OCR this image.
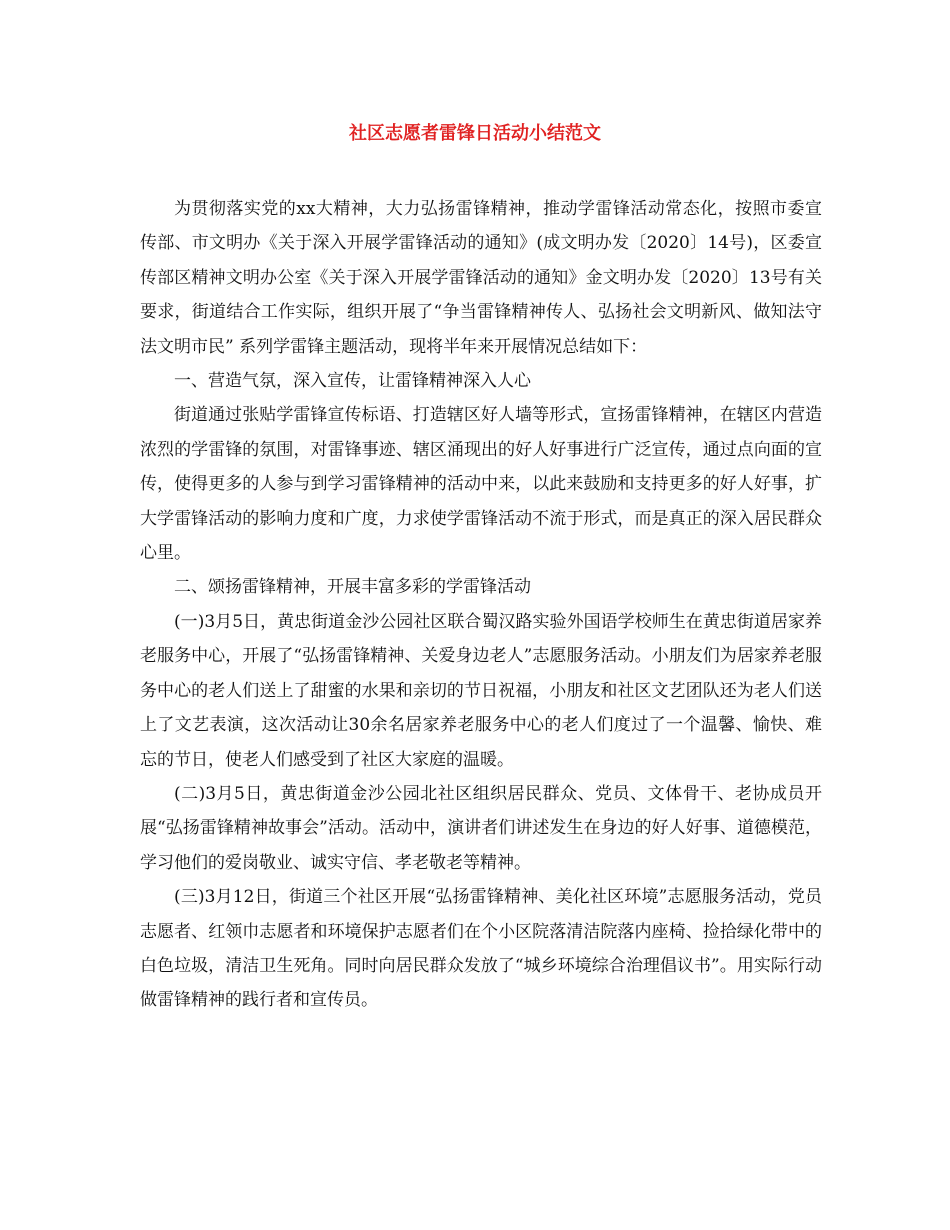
社区志愿者雷锋日活动小结范文

为贯彻落实党的xx大精神，大力弘扬雷锋精神，推动学雷锋活动常态化，按照市委宣传部、市文明办《关于深入开展学雷锋活动的通知》(成文明办发〔2020〕14号)，区委宣传部区精神文明办公室《关于深入开展学雷锋活动的通知》金文明办发〔2020〕13号有关要求，街道结合工作实际，组织开展了“争当雷锋精神传人、弘扬社会文明新风、做知法守法文明市民” 系列学雷锋主题活动，现将半年来开展情况总结如下：

一、营造气氛，深入宣传，让雷锋精神深入人心

街道通过张贴学雷锋宣传标语、打造辖区好人墙等形式，宣扬雷锋精神，在辖区内营造浓烈的学雷锋的氛围，对雷锋事迹、辖区涌现出的好人好事进行广泛宣传，通过点向面的宣传，使得更多的人参与到学习雷锋精神的活动中来，以此来鼓励和支持更多的好人好事，扩大学雷锋活动的影响力度和广度，力求使学雷锋活动不流于形式，而是真正的深入居民群众心里。

二、颂扬雷锋精神，开展丰富多彩的学雷锋活动

(一)3月5日，黄忠街道金沙公园社区联合蜀汉路实验外国语学校师生在黄忠街道居家养老服务中心，开展了“弘扬雷锋精神、关爱身边老人”志愿服务活动。小朋友们为居家养老服务中心的老人们送上了甜蜜的水果和亲切的节日祝福，小朋友和社区文艺团队还为老人们送上了文艺表演，这次活动让30余名居家养老服务中心的老人们度过了一个温馨、愉快、难忘的节日，使老人们感受到了社区大家庭的温暖。

(二)3月5日，黄忠街道金沙公园北社区组织居民群众、党员、文体骨干、老协成员开展“弘扬雷锋精神故事会”活动。活动中，演讲者们讲述发生在身边的好人好事、道德模范，学习他们的爱岗敬业、诚实守信、孝老敬老等精神。

(三)3月12日，街道三个社区开展“弘扬雷锋精神、美化社区环境”志愿服务活动，党员志愿者、红领巾志愿者和环境保护志愿者们在个小区院落清洁院落内座椅、捡拾绿化带中的白色垃圾，清洁卫生死角。同时向居民群众发放了“城乡环境综合治理倡议书”。用实际行动做雷锋精神的践行者和宣传员。
